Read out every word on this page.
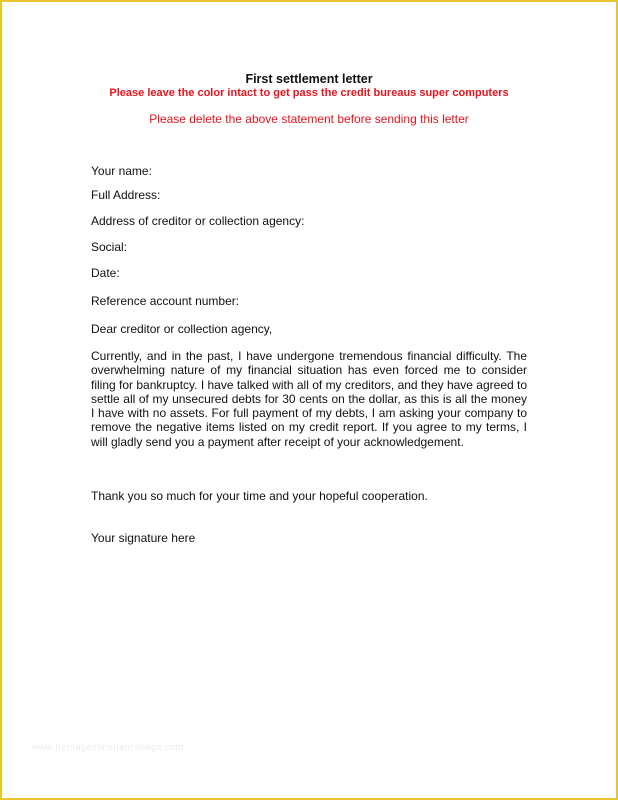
First settlement letter
Please leave the color intact to get pass the credit bureaus super computers
Please delete the above statement before sending this letter
Your name:
Full Address:
Address of creditor or collection agency:
Social:
Date:
Reference account number:
Dear creditor or collection agency,

Currently, and in the past, I have undergone tremendous financial difficulty. The overwhelming nature of my financial situation has even forced me to consider filing for bankruptcy. I have talked with all of my creditors, and they have agreed to settle all of my unsecured debts for 30 cents on the dollar, as this is all the money I have with no assets. For full payment of my debts, I am asking your company to remove the negative items listed on my credit report. If you agree to my terms, I will gladly send you a payment after receipt of your acknowledgement.

Thank you so much for your time and your hopeful cooperation.
Your signature here
www.heritagechristiancollege.com
